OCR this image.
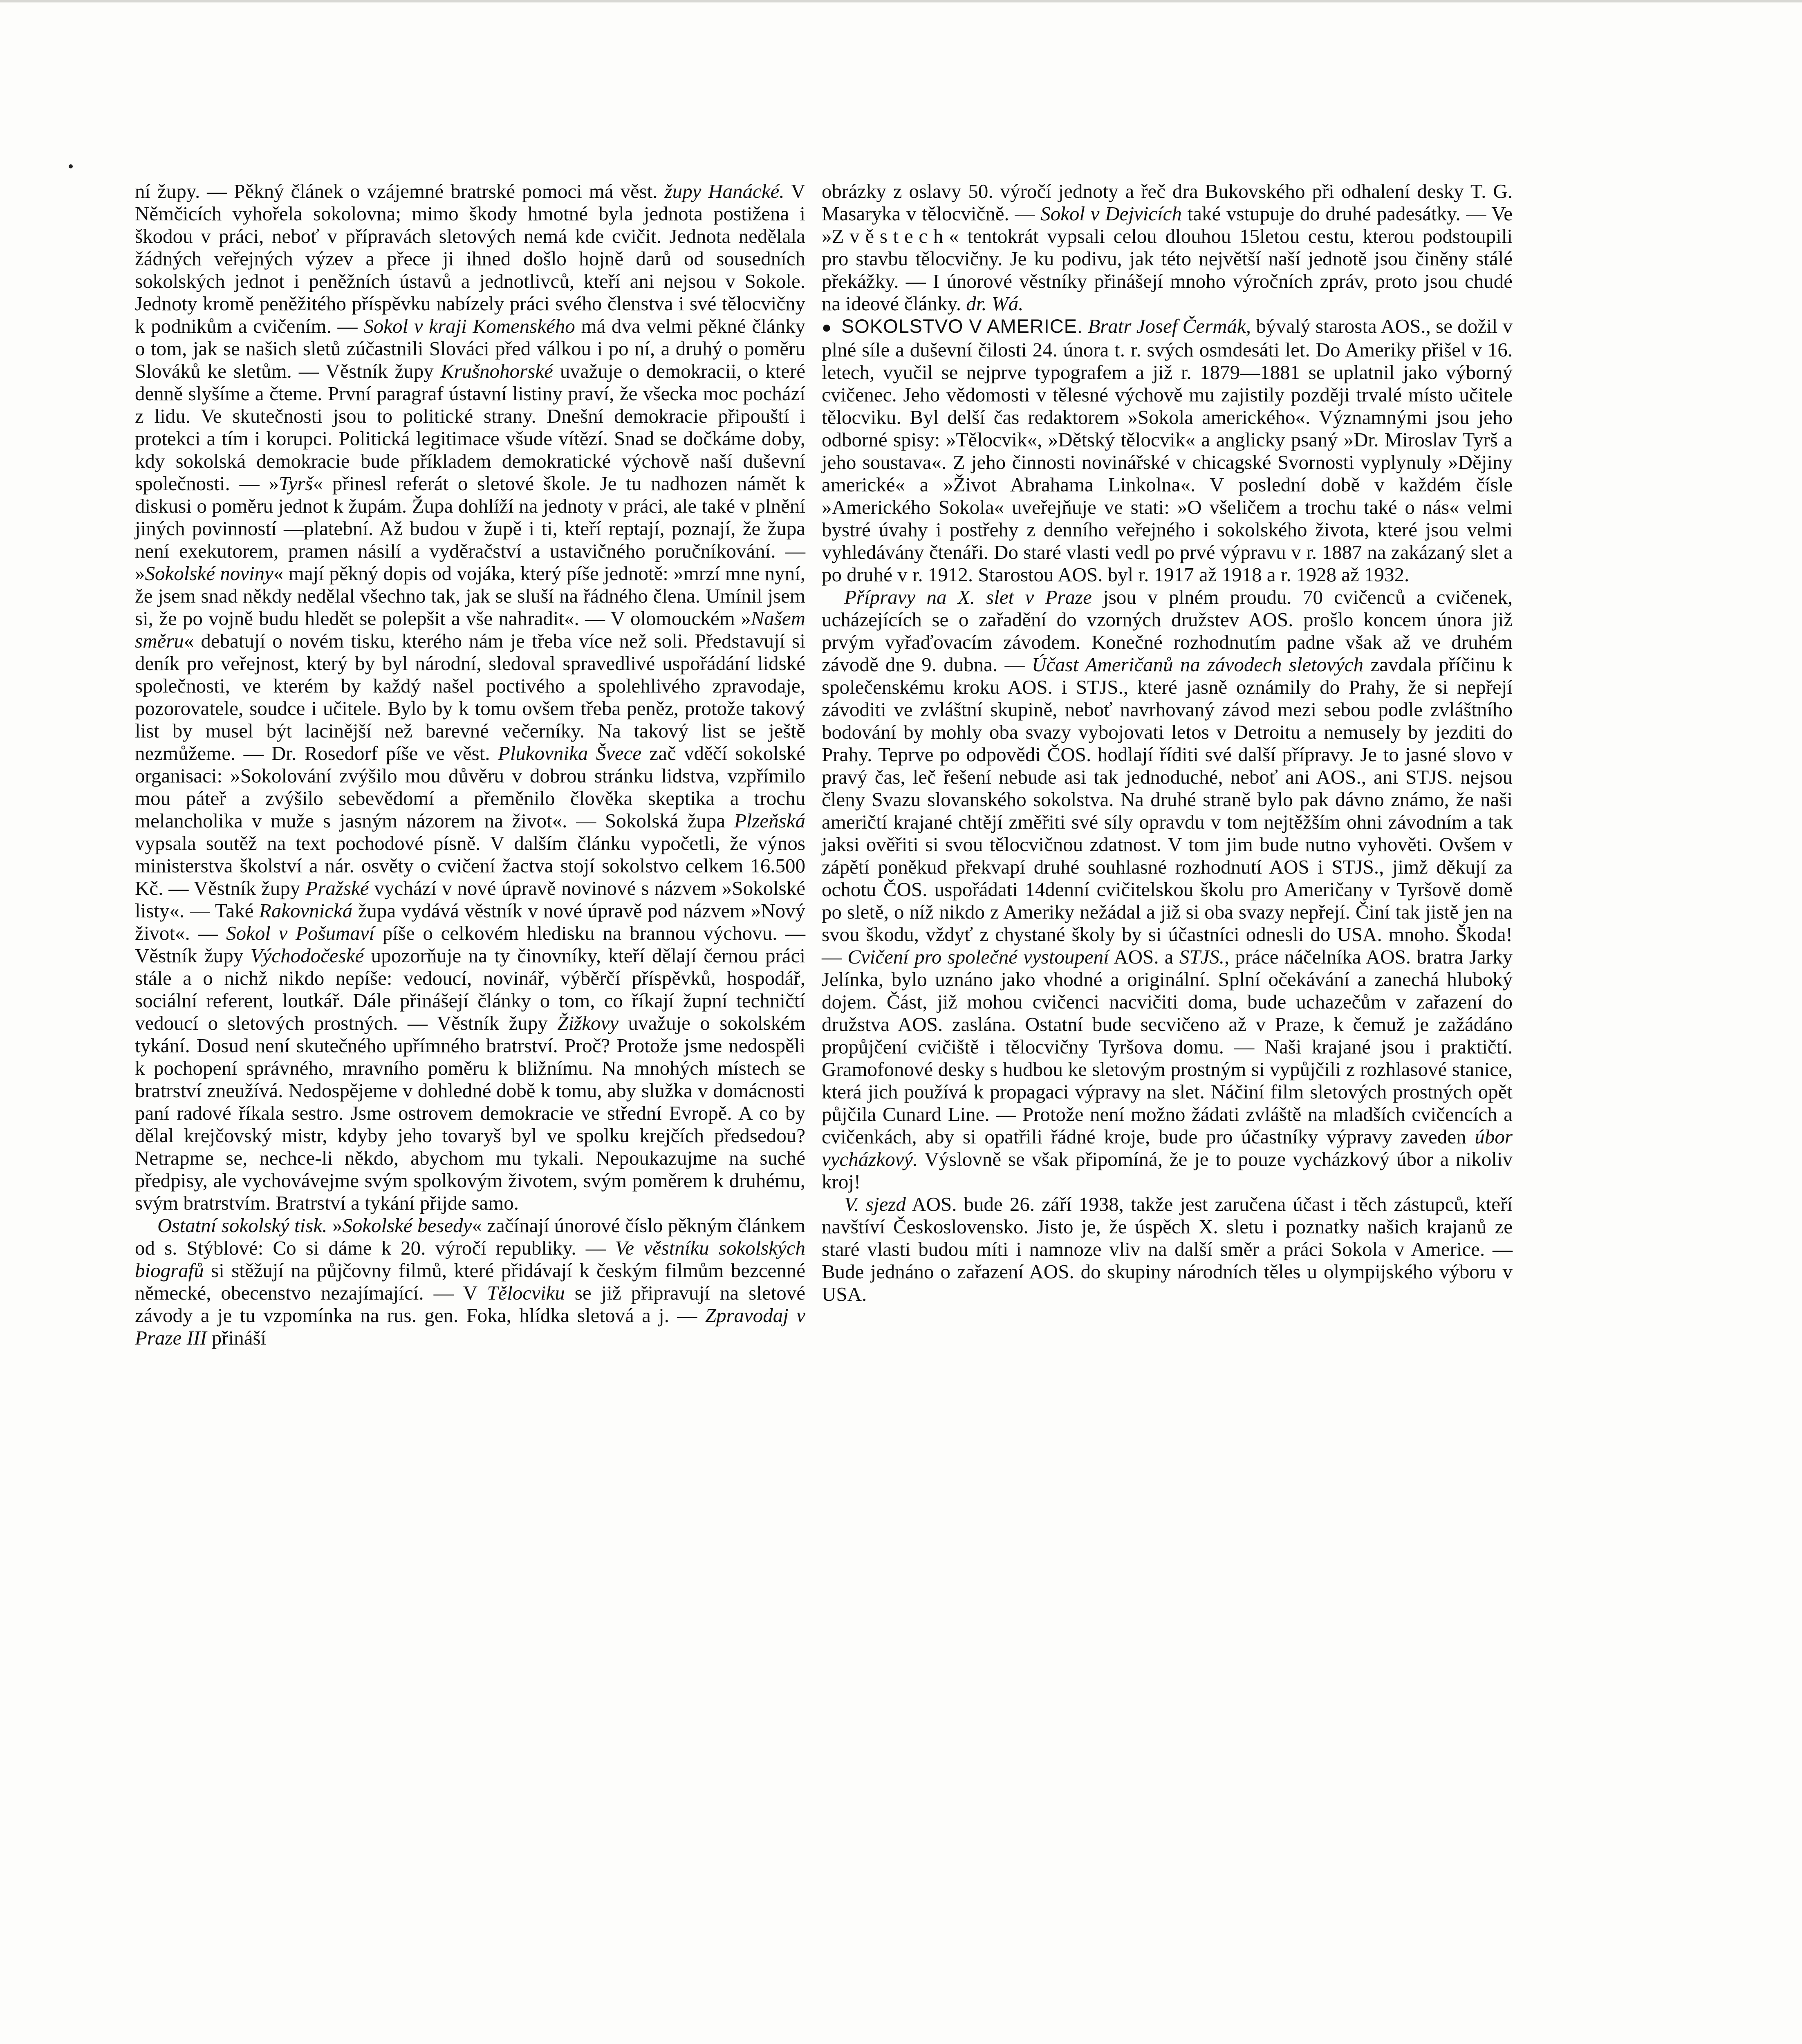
ní župy. — Pěkný článek o vzájemné bratrské pomoci má věst. župy Hanácké. V Němčicích vyhořela sokolovna; mimo škody hmotné byla jednota postižena i škodou v práci, neboť v přípravách sletových nemá kde cvičit. Jednota nedělala žádných veřejných výzev a přece ji ihned došlo hojně darů od sousedních sokolských jednot i peněžních ústavů a jednotlivců, kteří ani nejsou v Sokole. Jednoty kromě peněžitého příspěvku nabízely práci svého členstva i své tělocvičny k podnikům a cvičením. — Sokol v kraji Komenského má dva velmi pěkné články o tom, jak se našich sletů zúčastnili Slováci před válkou i po ní, a druhý o poměru Slováků ke sletům. — Věstník župy Krušnohorské uvažuje o demokracii, o které denně slyšíme a čteme. První paragraf ústavní listiny praví, že všecka moc pochází z lidu. Ve skutečnosti jsou to politické strany. Dnešní demokracie připouští i protekci a tím i korupci. Politická legitimace všude vítězí. Snad se dočkáme doby, kdy sokolská demokracie bude příkladem demokratické výchově naší duševní společnosti. — »Tyrš« přinesl referát o sletové škole. Je tu nadhozen námět k diskusi o poměru jednot k župám. Župa dohlíží na jednoty v práci, ale také v plnění jiných povinností —platební. Až budou v župě i ti, kteří reptají, poznají, že župa není exekutorem, pramen násilí a vyděračství a ustavičného poručníkování. — »Sokolské noviny« mají pěkný dopis od vojáka, který píše jednotě: »mrzí mne nyní, že jsem snad někdy nedělal všechno tak, jak se sluší na řádného člena. Umínil jsem si, že po vojně budu hledět se polepšit a vše nahradit«. — V olomouckém »Našem směru« debatují o novém tisku, kterého nám je třeba více než soli. Představují si deník pro veřejnost, který by byl národní, sledoval spravedlivé uspořádání lidské společnosti, ve kterém by každý našel poctivého a spolehlivého zpravodaje, pozorovatele, soudce i učitele. Bylo by k tomu ovšem třeba peněz, protože takový list by musel být lacinější než barevné večerníky. Na takový list se ještě nezmůžeme. — Dr. Rosedorf píše ve věst. Plukovnika Švece zač vděčí sokolské organisaci: »Sokolování zvýšilo mou důvěru v dobrou stránku lidstva, vzpřímilo mou páteř a zvýšilo sebevědomí a přeměnilo člověka skeptika a trochu melancholika v muže s jasným názorem na život«. — Sokolská župa Plzeňská vypsala soutěž na text pochodové písně. V dalším článku vypočetli, že výnos ministerstva školství a nár. osvěty o cvičení žactva stojí sokolstvo celkem 16.500 Kč. — Věstník župy Pražské vychází v nové úpravě novinové s názvem »Sokolské listy«. — Také Rakovnická župa vydává věstník v nové úpravě pod názvem »Nový život«. — Sokol v Pošumaví píše o celkovém hledisku na brannou výchovu. — Věstník župy Východočeské upozorňuje na ty činovníky, kteří dělají černou práci stále a o nichž nikdo nepíše: vedoucí, novinář, výběrčí příspěvků, hospodář, sociální referent, loutkář. Dále přinášejí články o tom, co říkají župní techničtí vedoucí o sletových prostných. — Věstník župy Žižkovy uvažuje o sokolském tykání. Dosud není skutečného upřímného bratrství. Proč? Protože jsme nedospěli k pochopení správného, mravního poměru k bližnímu. Na mnohých místech se bratrství zneužívá. Nedospějeme v dohledné době k tomu, aby služka v domácnosti paní radové říkala sestro. Jsme ostrovem demokracie ve střední Evropě. A co by dělal krejčovský mistr, kdyby jeho tovaryš byl ve spolku krejčích předsedou? Netrapme se, nechce-li někdo, abychom mu tykali. Nepoukazujme na suché předpisy, ale vychovávejme svým spolkovým životem, svým poměrem k druhému, svým bratrstvím. Bratrství a tykání přijde samo.

Ostatní sokolský tisk. »Sokolské besedy« začínají únorové číslo pěkným článkem od s. Stýblové: Co si dáme k 20. výročí republiky. — Ve věstníku sokolských biografů si stěžují na půjčovny filmů, které přidávají k českým filmům bezcenné německé, obecenstvo nezajímající. — V Tělocviku se již připravují na sletové závody a je tu vzpomínka na rus. gen. Foka, hlídka sletová a j. — Zpravodaj v Praze III přináší

obrázky z oslavy 50. výročí jednoty a řeč dra Bukovského při odhalení desky T. G. Masaryka v tělocvičně. — Sokol v Dejvicích také vstupuje do druhé padesátky. — Ve »Zvěstech« tentokrát vypsali celou dlouhou 15letou cestu, kterou podstoupili pro stavbu tělocvičny. Je ku podivu, jak této největší naší jednotě jsou činěny stálé překážky. — I únorové věstníky přinášejí mnoho výročních zpráv, proto jsou chudé na ideové články. dr. Wá.

● SOKOLSTVO V AMERICE. Bratr Josef Čermák, bývalý starosta AOS., se dožil v plné síle a duševní čilosti 24. února t. r. svých osmdesáti let. Do Ameriky přišel v 16. letech, vyučil se nejprve typografem a již r. 1879—1881 se uplatnil jako výborný cvičenec. Jeho vědomosti v tělesné výchově mu zajistily později trvalé místo učitele tělocviku. Byl delší čas redaktorem »Sokola amerického«. Významnými jsou jeho odborné spisy: »Tělocvik«, »Dětský tělocvik« a anglicky psaný »Dr. Miroslav Tyrš a jeho soustava«. Z jeho činnosti novinářské v chicagské Svornosti vyplynuly »Dějiny americké« a »Život Abrahama Linkolna«. V poslední době v každém čísle »Amerického Sokola« uveřejňuje ve stati: »O všeličem a trochu také o nás« velmi bystré úvahy i postřehy z denního veřejného i sokolského života, které jsou velmi vyhledávány čtenáři. Do staré vlasti vedl po prvé výpravu v r. 1887 na zakázaný slet a po druhé v r. 1912. Starostou AOS. byl r. 1917 až 1918 a r. 1928 až 1932.

Přípravy na X. slet v Praze jsou v plném proudu. 70 cvičenců a cvičenek, ucházejících se o zařadění do vzorných družstev AOS. prošlo koncem února již prvým vyřaďovacím závodem. Konečné rozhodnutím padne však až ve druhém závodě dne 9. dubna. — Účast Američanů na závodech sletových zavdala příčinu k společenskému kroku AOS. i STJS., které jasně oznámily do Prahy, že si nepřejí závoditi ve zvláštní skupině, neboť navrhovaný závod mezi sebou podle zvláštního bodování by mohly oba svazy vybojovati letos v Detroitu a nemusely by jezditi do Prahy. Teprve po odpovědi ČOS. hodlají říditi své další přípravy. Je to jasné slovo v pravý čas, leč řešení nebude asi tak jednoduché, neboť ani AOS., ani STJS. nejsou členy Svazu slovanského sokolstva. Na druhé straně bylo pak dávno známo, že naši američtí krajané chtějí změřiti své síly opravdu v tom nejtěžším ohni závodním a tak jaksi ověřiti si svou tělocvičnou zdatnost. V tom jim bude nutno vyhověti. Ovšem v zápětí poněkud překvapí druhé souhlasné rozhodnutí AOS i STJS., jimž děkují za ochotu ČOS. uspořádati 14denní cvičitelskou školu pro Američany v Tyršově domě po sletě, o níž nikdo z Ameriky nežádal a již si oba svazy nepřejí. Činí tak jistě jen na svou škodu, vždyť z chystané školy by si účastníci odnesli do USA. mnoho. Škoda! — Cvičení pro společné vystoupení AOS. a STJS., práce náčelníka AOS. bratra Jarky Jelínka, bylo uznáno jako vhodné a originální. Splní očekávání a zanechá hluboký dojem. Část, již mohou cvičenci nacvičiti doma, bude uchazečům v zařazení do družstva AOS. zaslána. Ostatní bude secvičeno až v Praze, k čemuž je zažádáno propůjčení cvičiště i tělocvičny Tyršova domu. — Naši krajané jsou i praktičtí. Gramofonové desky s hudbou ke sletovým prostným si vypůjčili z rozhlasové stanice, která jich používá k propagaci výpravy na slet. Náčiní film sletových prostných opět půjčila Cunard Line. — Protože není možno žádati zvláště na mladších cvičencích a cvičenkách, aby si opatřili řádné kroje, bude pro účastníky výpravy zaveden úbor vycházkový. Výslovně se však připomíná, že je to pouze vycházkový úbor a nikoliv kroj!

V. sjezd AOS. bude 26. září 1938, takže jest zaručena účast i těch zástupců, kteří navštíví Československo. Jisto je, že úspěch X. sletu i poznatky našich krajanů ze staré vlasti budou míti i namnoze vliv na další směr a práci Sokola v Americe. — Bude jednáno o zařazení AOS. do skupiny národních těles u olympijského výboru v USA.
